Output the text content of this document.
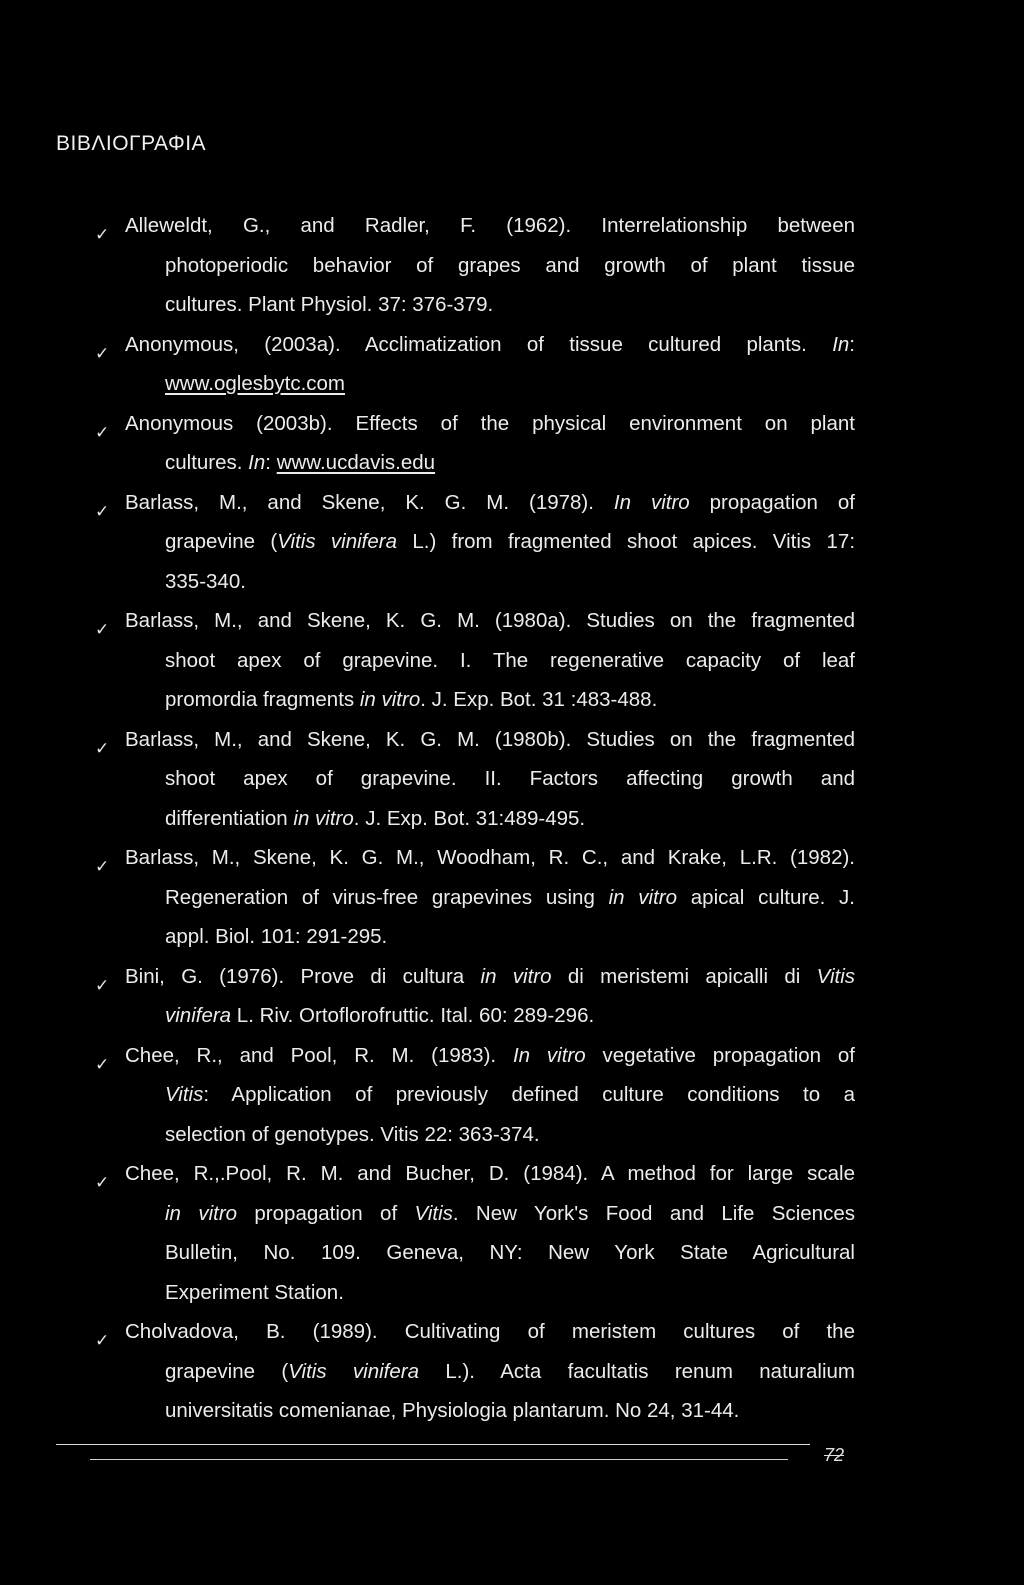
ΒΙΒΛΙΟΓΡΑΦΙΑ
✓ Alleweldt, G., and Radler, F. (1962). Interrelationship between
photoperiodic behavior of grapes and growth of plant tissue
cultures. Plant Physiol. 37: 376-379.
✓ Anonymous, (2003a). Acclimatization of tissue cultured plants. In:
www.oglesbytc.com
✓ Anonymous (2003b). Effects of the physical environment on plant
cultures. In: www.ucdavis.edu
✓ Barlass, M., and Skene, K. G. M. (1978). In vitro propagation of
grapevine (Vitis vinifera L.) from fragmented shoot apices. Vitis 17:
335-340.
✓ Barlass, M., and Skene, K. G. M. (1980a). Studies on the fragmented
shoot apex of grapevine. I. The regenerative capacity of leaf
promordia fragments in vitro. J. Exp. Bot. 31 :483-488.
✓ Barlass, M., and Skene, K. G. M. (1980b). Studies on the fragmented
shoot apex of grapevine. II. Factors affecting growth and
differentiation in vitro. J. Exp. Bot. 31:489-495.
✓ Barlass, M., Skene, K. G. M., Woodham, R. C., and Krake, L.R. (1982).
Regeneration of virus-free grapevines using in vitro apical culture. J.
appl. Biol. 101: 291-295.
✓ Bini, G. (1976). Prove di cultura in vitro di meristemi apicalli di Vitis
vinifera L. Riv. Ortoflorofruttic. Ital. 60: 289-296.
✓ Chee, R., and Pool, R. M. (1983). In vitro vegetative propagation of
Vitis: Application of previously defined culture conditions to a
selection of genotypes. Vitis 22: 363-374.
✓ Chee, R.,.Pool, R. M. and Bucher, D. (1984). A method for large scale
in vitro propagation of Vitis. New York's Food and Life Sciences
Bulletin, No. 109. Geneva, NY: New York State Agricultural
Experiment Station.
✓ Cholvadova, B. (1989). Cultivating of meristem cultures of the
grapevine (Vitis vinifera L.). Acta facultatis renum naturalium
universitatis comenianae, Physiologia plantarum. No 24, 31-44.
72
